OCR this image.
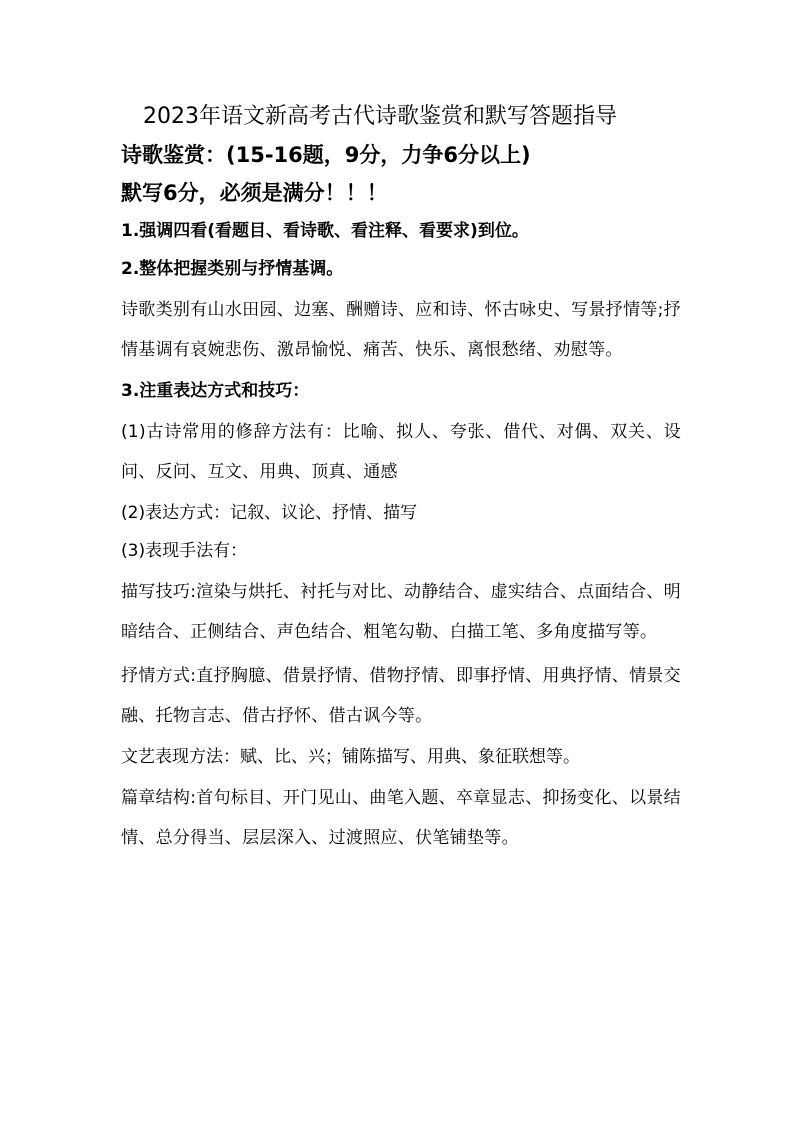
2023年语文新高考古代诗歌鉴赏和默写答题指导
诗歌鉴赏：(15-16题，9分，力争6分以上)
默写6分，必须是满分！！！
1.强调四看(看题目、看诗歌、看注释、看要求)到位。
2.整体把握类别与抒情基调。

诗歌类别有山水田园、边塞、酬赠诗、应和诗、怀古咏史、写景抒情等;抒情基调有哀婉悲伤、激昂愉悦、痛苦、快乐、离恨愁绪、劝慰等。

3.注重表达方式和技巧：

(1)古诗常用的修辞方法有：比喻、拟人、夸张、借代、对偶、双关、设问、反问、互文、用典、顶真、通感

(2)表达方式：记叙、议论、抒情、描写
(3)表现手法有：

描写技巧:渲染与烘托、衬托与对比、动静结合、虚实结合、点面结合、明暗结合、正侧结合、声色结合、粗笔勾勒、白描工笔、多角度描写等。

抒情方式:直抒胸臆、借景抒情、借物抒情、即事抒情、用典抒情、情景交融、托物言志、借古抒怀、借古讽今等。

文艺表现方法：赋、比、兴；铺陈描写、用典、象征联想等。

篇章结构:首句标目、开门见山、曲笔入题、卒章显志、抑扬变化、以景结情、总分得当、层层深入、过渡照应、伏笔铺垫等。
